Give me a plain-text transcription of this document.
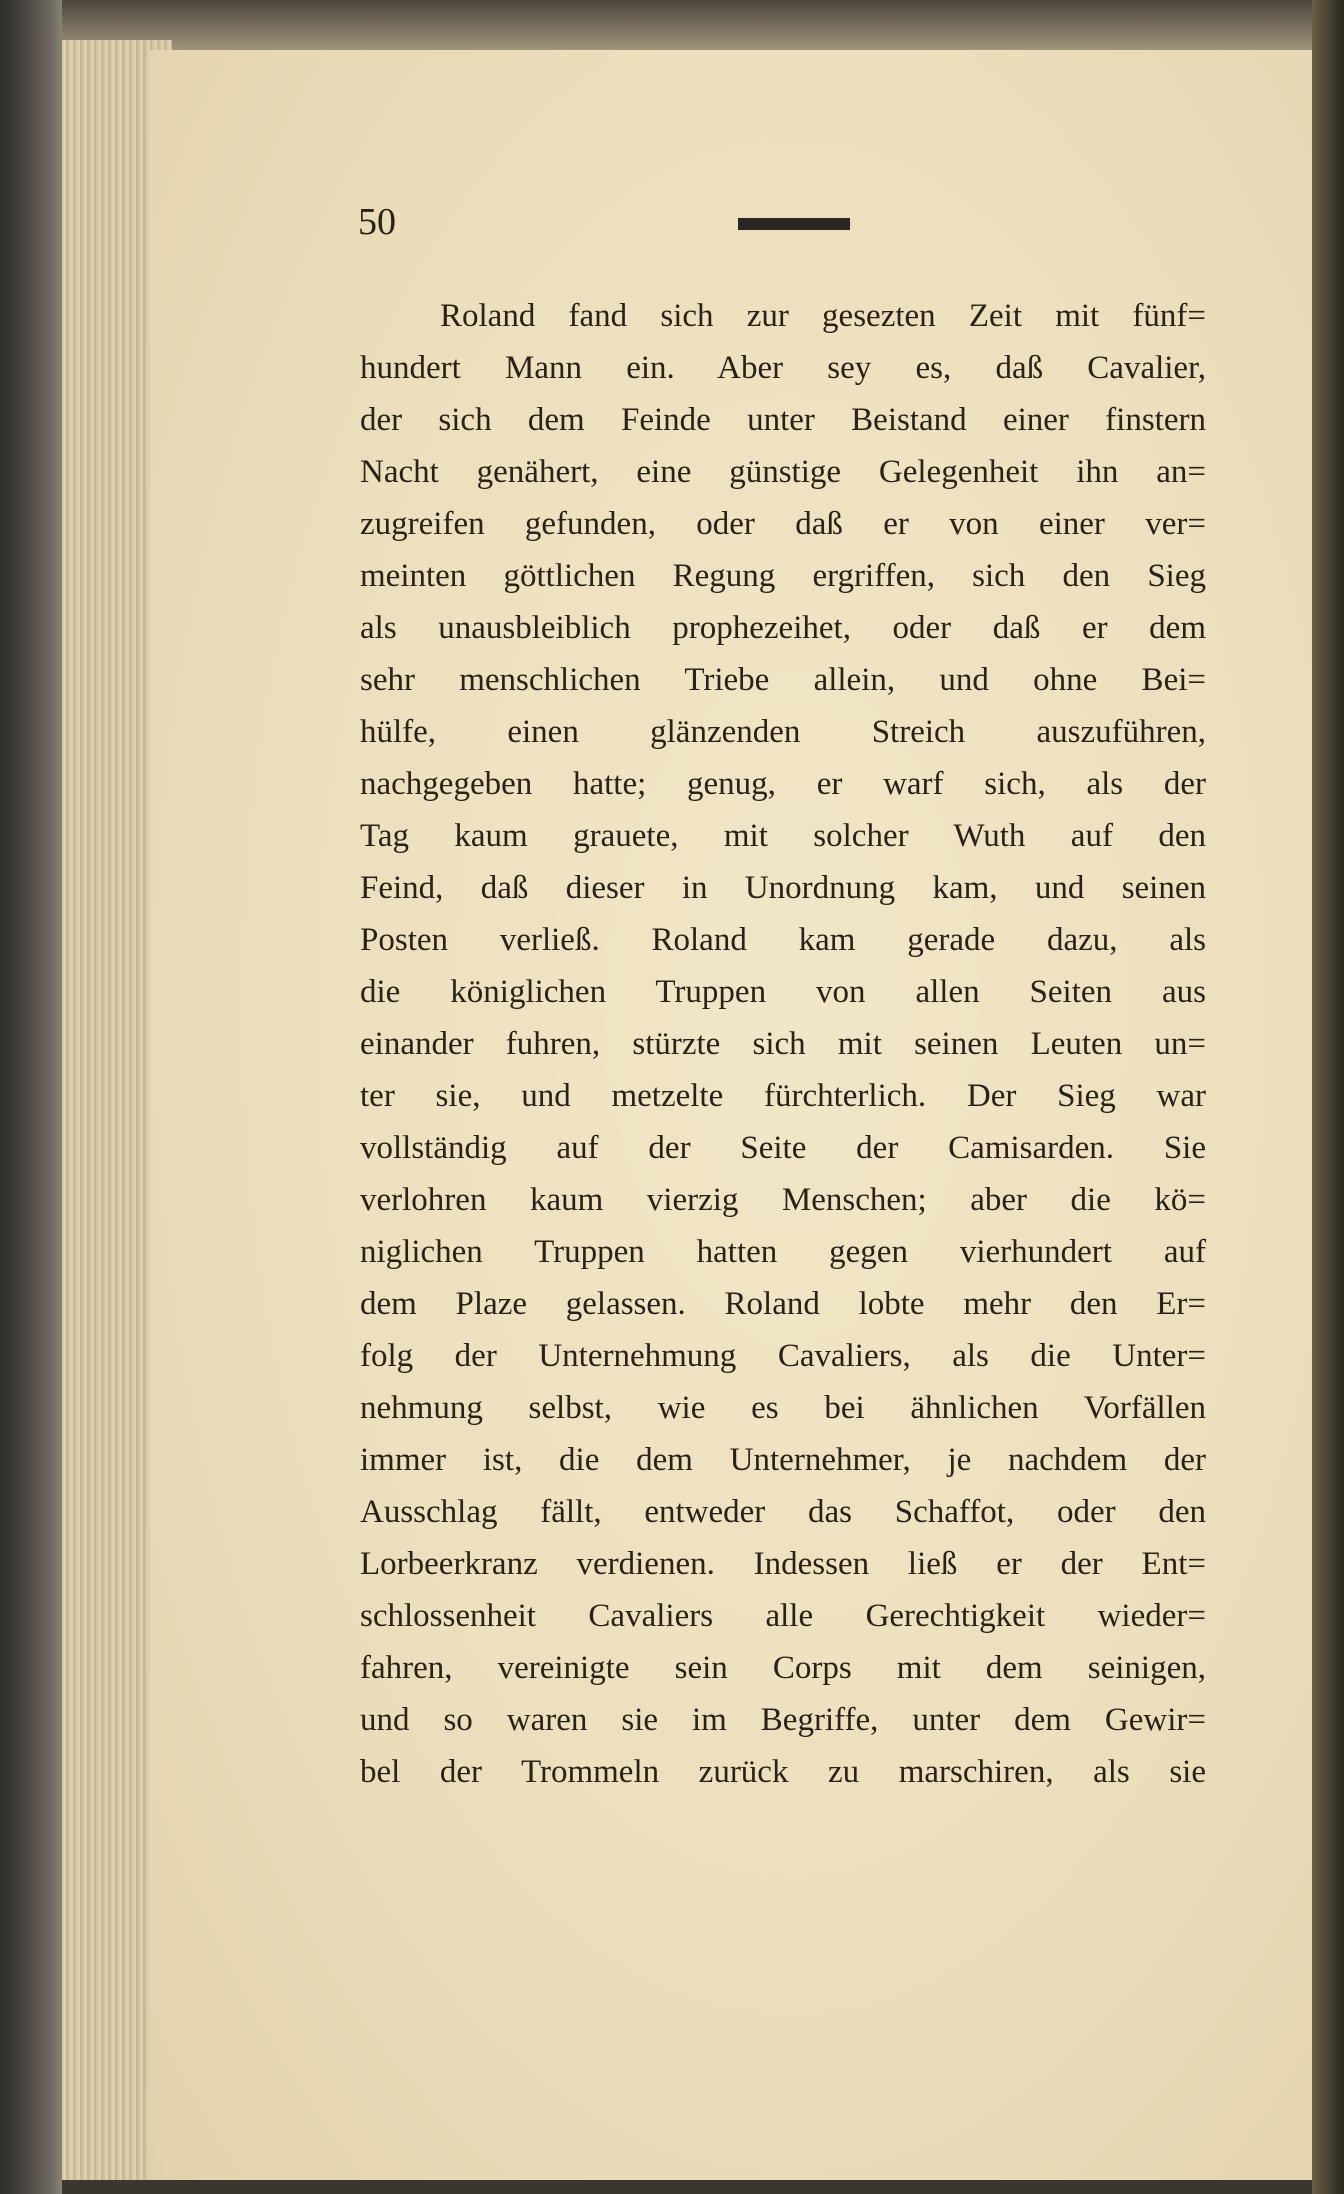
50
Roland fand sich zur gesezten Zeit mit fünf=
hundert Mann ein. Aber sey es, daß Cavalier,
der sich dem Feinde unter Beistand einer finstern
Nacht genähert, eine günstige Gelegenheit ihn an=
zugreifen gefunden, oder daß er von einer ver=
meinten göttlichen Regung ergriffen, sich den Sieg
als unausbleiblich prophezeihet, oder daß er dem
sehr menschlichen Triebe allein, und ohne Bei=
hülfe, einen glänzenden Streich auszuführen,
nachgegeben hatte; genug, er warf sich, als der
Tag kaum grauete, mit solcher Wuth auf den
Feind, daß dieser in Unordnung kam, und seinen
Posten verließ. Roland kam gerade dazu, als
die königlichen Truppen von allen Seiten aus
einander fuhren, stürzte sich mit seinen Leuten un=
ter sie, und metzelte fürchterlich. Der Sieg war
vollständig auf der Seite der Camisarden. Sie
verlohren kaum vierzig Menschen; aber die kö=
niglichen Truppen hatten gegen vierhundert auf
dem Plaze gelassen. Roland lobte mehr den Er=
folg der Unternehmung Cavaliers, als die Unter=
nehmung selbst, wie es bei ähnlichen Vorfällen
immer ist, die dem Unternehmer, je nachdem der
Ausschlag fällt, entweder das Schaffot, oder den
Lorbeerkranz verdienen. Indessen ließ er der Ent=
schlossenheit Cavaliers alle Gerechtigkeit wieder=
fahren, vereinigte sein Corps mit dem seinigen,
und so waren sie im Begriffe, unter dem Gewir=
bel der Trommeln zurück zu marschiren, als sie
